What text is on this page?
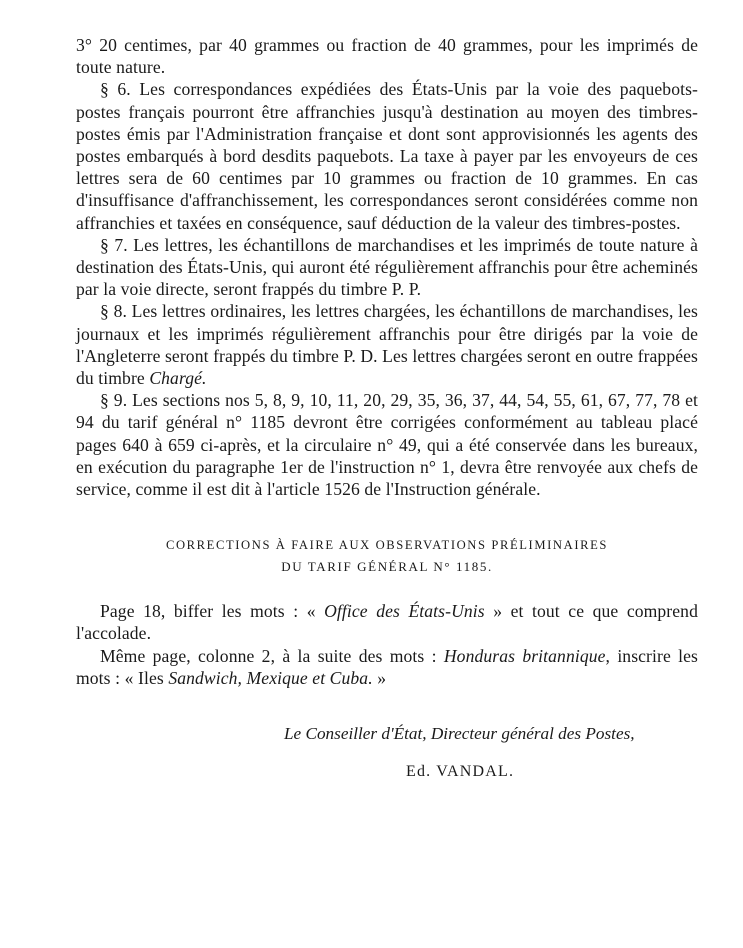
3° 20 centimes, par 40 grammes ou fraction de 40 grammes, pour les imprimés de toute nature.

§ 6. Les correspondances expédiées des États-Unis par la voie des paquebots-postes français pourront être affranchies jusqu'à destination au moyen des timbres-postes émis par l'Administration française et dont sont approvisionnés les agents des postes embarqués à bord desdits paquebots. La taxe à payer par les envoyeurs de ces lettres sera de 60 centimes par 10 grammes ou fraction de 10 grammes. En cas d'insuffisance d'affranchissement, les correspondances seront considérées comme non affranchies et taxées en conséquence, sauf déduction de la valeur des timbres-postes.

§ 7. Les lettres, les échantillons de marchandises et les imprimés de toute nature à destination des États-Unis, qui auront été régulièrement affranchis pour être acheminés par la voie directe, seront frappés du timbre P. P.

§ 8. Les lettres ordinaires, les lettres chargées, les échantillons de marchandises, les journaux et les imprimés régulièrement affranchis pour être dirigés par la voie de l'Angleterre seront frappés du timbre P. D. Les lettres chargées seront en outre frappées du timbre Chargé.

§ 9. Les sections nos 5, 8, 9, 10, 11, 20, 29, 35, 36, 37, 44, 54, 55, 61, 67, 77, 78 et 94 du tarif général n° 1185 devront être corrigées conformément au tableau placé pages 640 à 659 ci-après, et la circulaire n° 49, qui a été conservée dans les bureaux, en exécution du paragraphe 1er de l'instruction n° 1, devra être renvoyée aux chefs de service, comme il est dit à l'article 1526 de l'Instruction générale.

CORRECTIONS À FAIRE AUX OBSERVATIONS PRÉLIMINAIRES
DU TARIF GÉNÉRAL N° 1185.

Page 18, biffer les mots : « Office des États-Unis » et tout ce que comprend l'accolade.

Même page, colonne 2, à la suite des mots : Honduras britannique, inscrire les mots : « Iles Sandwich, Mexique et Cuba. »

Le Conseiller d'État, Directeur général des Postes,
Ed. VANDAL.
